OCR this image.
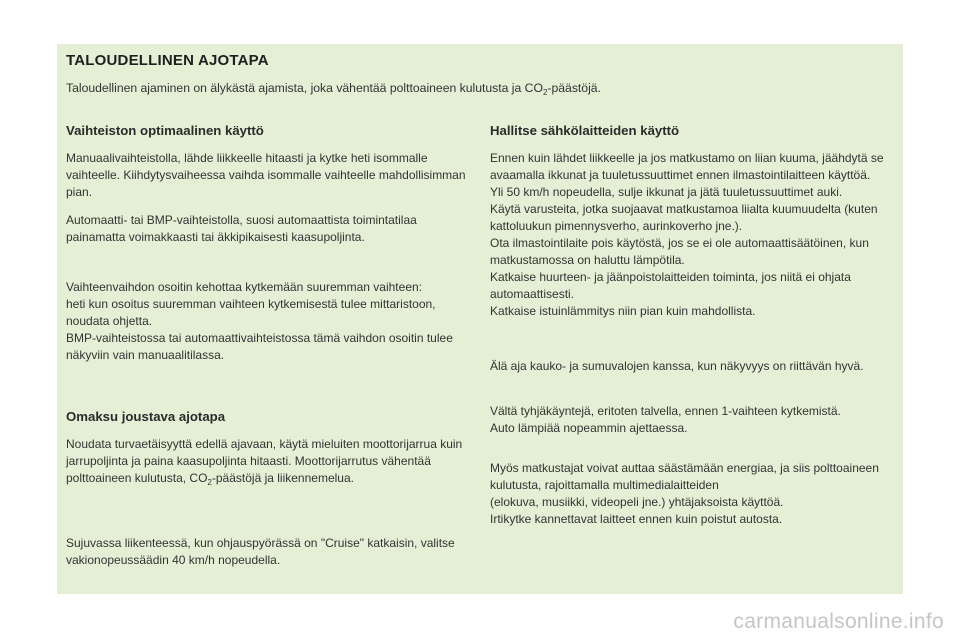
TALOUDELLINEN AJOTAPA
Taloudellinen ajaminen on älykästä ajamista, joka vähentää polttoaineen kulutusta ja $CO_2$-päästöjä.
Vaihteiston optimaalinen käyttö

Manuaalivaihteistolla, lähde liikkeelle hitaasti ja kytke heti isommalle vaihteelle. Kiihdytysvaiheessa vaihda isommalle vaihteelle mahdollisimman pian.

Automaatti- tai BMP-vaihteistolla, suosi automaattista toimintatilaa painamatta voimakkaasti tai äkkipikaisesti kaasupoljinta.

Vaihteenvaihdon osoitin kehottaa kytkemään suuremman vaihteen:

heti kun osoitus suuremman vaihteen kytkemisestä tulee mittaristoon, noudata ohjetta.

BMP-vaihteistossa tai automaattivaihteistossa tämä vaihdon osoitin tulee näkyviin vain manuaalitilassa.

Omaksu joustava ajotapa

Noudata turvaetäisyyttä edellä ajavaan, käytä mieluiten moottorijarrua kuin jarrupoljinta ja paina kaasupoljinta hitaasti. Moottorijarrutus vähentää polttoaineen kulutusta, $CO_2$-päästöjä ja liikennemelua.

Sujuvassa liikenteessä, kun ohjauspyörässä on "Cruise" katkaisin, valitse vakionopeussäädin 40 km/h nopeudella.

Hallitse sähkölaitteiden käyttö

Ennen kuin lähdet liikkeelle ja jos matkustamo on liian kuuma, jäähdytä se avaamalla ikkunat ja tuuletussuuttimet ennen ilmastointilaitteen käyttöä.

Yli 50 km/h nopeudella, sulje ikkunat ja jätä tuuletussuuttimet auki.

Käytä varusteita, jotka suojaavat matkustamoa liialta kuumuudelta (kuten kattoluukun pimennysverho, aurinkoverho jne.).

Ota ilmastointilaite pois käytöstä, jos se ei ole automaattisäätöinen, kun matkustamossa on haluttu lämpötila.

Katkaise huurteen- ja jäänpoistolaitteiden toiminta, jos niitä ei ohjata automaattisesti.

Katkaise istuinlämmitys niin pian kuin mahdollista.

Älä aja kauko- ja sumuvalojen kanssa, kun näkyvyys on riittävän hyvä.

Vältä tyhjäkäyntejä, eritoten talvella, ennen 1-vaihteen kytkemistä.

Auto lämpiää nopeammin ajettaessa.

Myös matkustajat voivat auttaa säästämään energiaa, ja siis polttoaineen kulutusta, rajoittamalla multimedialaitteiden

(elokuva, musiikki, videopeli jne.) yhtäjaksoista käyttöä.

Irtikytke kannettavat laitteet ennen kuin poistut autosta.

carmanualsonline.info
